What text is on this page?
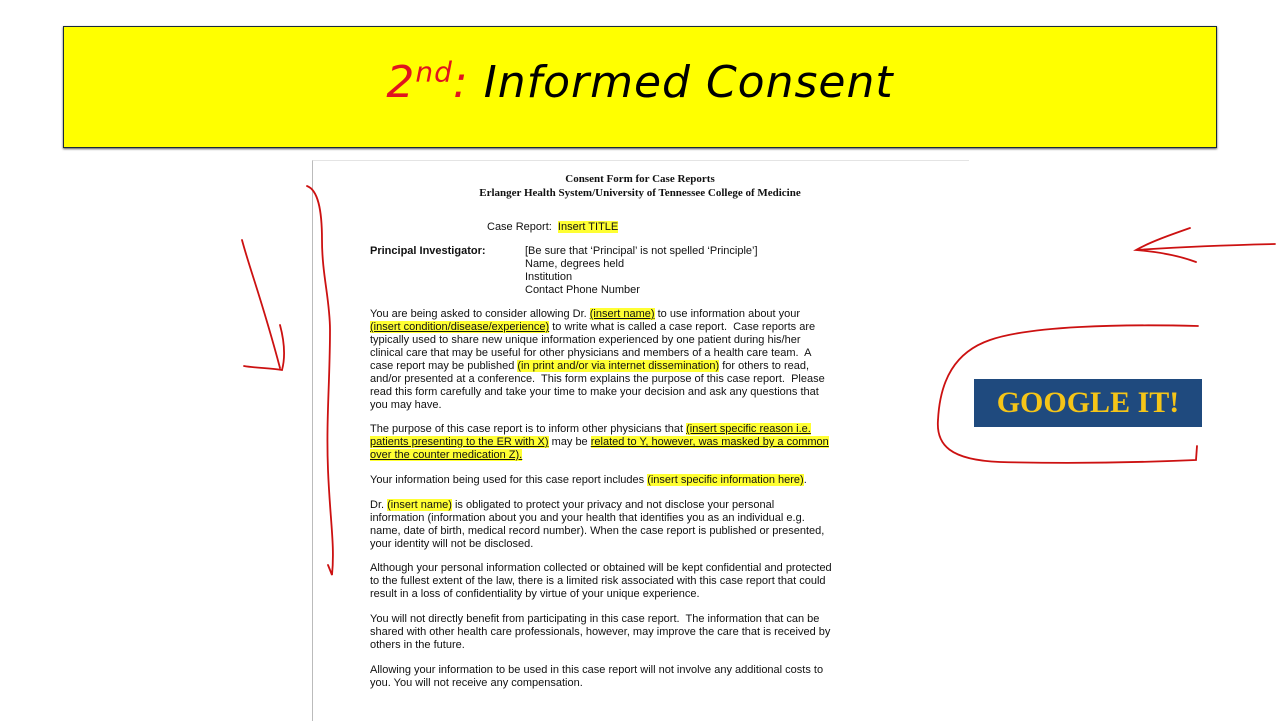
2nd: Informed Consent
Consent Form for Case Reports
Erlanger Health System/University of Tennessee College of Medicine
Case Report:  Insert TITLE
Principal Investigator:	[Be sure that ‘Principal’ is not spelled ‘Principle’]
Name, degrees held
Institution
Contact Phone Number
You are being asked to consider allowing Dr. (insert name) to use information about your
(insert condition/disease/experience) to write what is called a case report.  Case reports are
typically used to share new unique information experienced by one patient during his/her
clinical care that may be useful for other physicians and members of a health care team.  A
case report may be published (in print and/or via internet dissemination) for others to read,
and/or presented at a conference.  This form explains the purpose of this case report.  Please
read this form carefully and take your time to make your decision and ask any questions that
you may have.
The purpose of this case report is to inform other physicians that (insert specific reason i.e.
patients presenting to the ER with X) may be related to Y, however, was masked by a common
over the counter medication Z).
Your information being used for this case report includes (insert specific information here).
Dr. (insert name) is obligated to protect your privacy and not disclose your personal
information (information about you and your health that identifies you as an individual e.g.
name, date of birth, medical record number). When the case report is published or presented,
your identity will not be disclosed.
Although your personal information collected or obtained will be kept confidential and protected
to the fullest extent of the law, there is a limited risk associated with this case report that could
result in a loss of confidentiality by virtue of your unique experience.
You will not directly benefit from participating in this case report.  The information that can be
shared with other health care professionals, however, may improve the care that is received by
others in the future.
Allowing your information to be used in this case report will not involve any additional costs to
you. You will not receive any compensation.
GOOGLE IT!
